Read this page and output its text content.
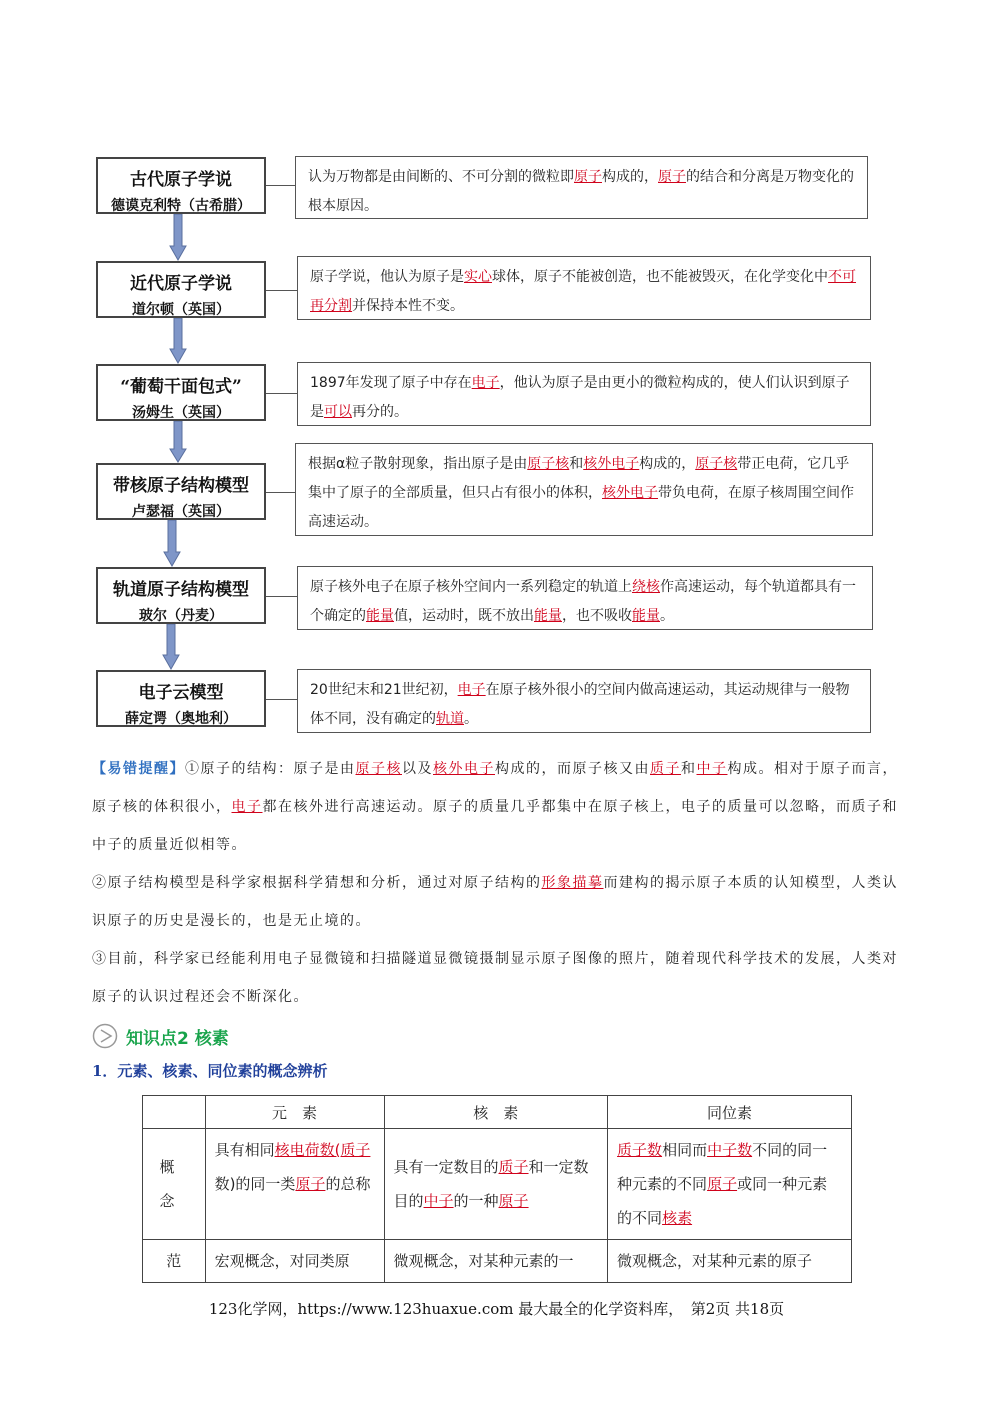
古代原子学说
德谟克利特（古希腊）
近代原子学说
道尔顿（英国）
“葡萄干面包式”
汤姆生（英国）
带核原子结构模型
卢瑟福（英国）
轨道原子结构模型
玻尔（丹麦）
电子云模型
薛定谔（奥地利）
认为万物都是由间断的、不可分割的微粒即原子构成的，原子的结合和分离是万物变化的根本原因。
原子学说，他认为原子是实心球体，原子不能被创造，也不能被毁灭，在化学变化中不可再分割并保持本性不变。
1897年发现了原子中存在电子，他认为原子是由更小的微粒构成的，使人们认识到原子是可以再分的。
根据α粒子散射现象，指出原子是由原子核和核外电子构成的，原子核带正电荷，它几乎集中了原子的全部质量，但只占有很小的体积，核外电子带负电荷，在原子核周围空间作高速运动。
原子核外电子在原子核外空间内一系列稳定的轨道上绕核作高速运动，每个轨道都具有一个确定的能量值，运动时，既不放出能量，也不吸收能量。
20世纪末和21世纪初，电子在原子核外很小的空间内做高速运动，其运动规律与一般物体不同，没有确定的轨道。
【易错提醒】①原子的结构：原子是由原子核以及核外电子构成的，而原子核又由质子和中子构成。相对于原子而言，原子核的体积很小，电子都在核外进行高速运动。原子的质量几乎都集中在原子核上，电子的质量可以忽略，而质子和中子的质量近似相等。
②原子结构模型是科学家根据科学猜想和分析，通过对原子结构的形象描摹而建构的揭示原子本质的认知模型，人类认识原子的历史是漫长的，也是无止境的。
③目前，科学家已经能利用电子显微镜和扫描隧道显微镜摄制显示原子图像的照片，随着现代科学技术的发展，人类对原子的认识过程还会不断深化。
知识点2 核素
1．元素、核素、同位素的概念辨析
	元　素	核　素	同位素

概念	具有相同核电荷数(质子数)的同一类原子的总称	具有一定数目的质子和一定数目的中子的一种原子	质子数相同而中子数不同的同一种元素的不同原子或同一种元素的不同核素
范	宏观概念，对同类原	微观概念，对某种元素的一	微观概念，对某种元素的原子
123化学网，https://www.123huaxue.com 最大最全的化学资料库，　第2页 共18页
